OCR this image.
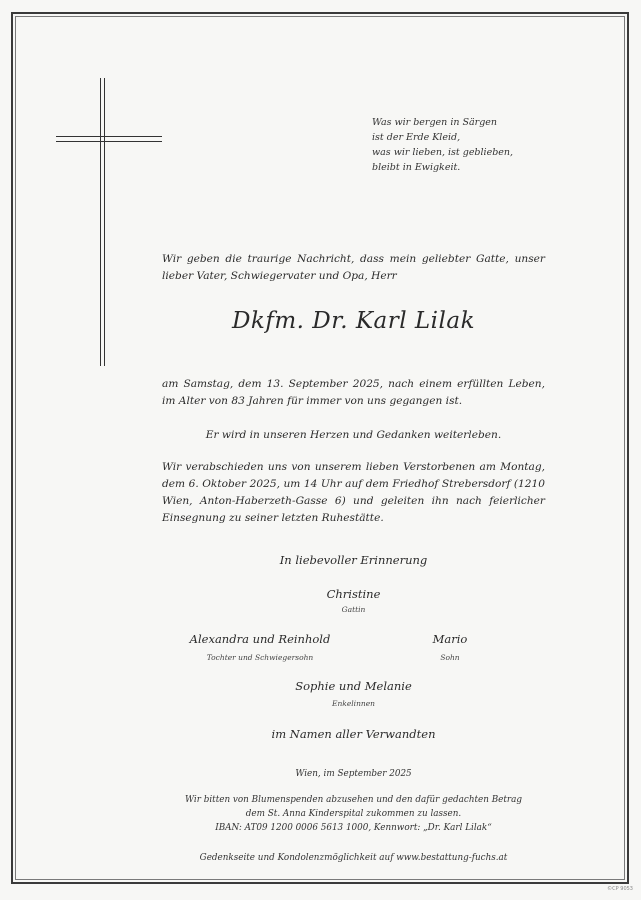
Was wir bergen in Särgen
ist der Erde Kleid,
was wir lieben, ist geblieben,
bleibt in Ewigkeit.
Wir geben die traurige Nachricht, dass mein geliebter Gatte, unser lieber Vater, Schwiegervater und Opa, Herr
Dkfm. Dr. Karl Lilak
am Samstag, dem 13. September 2025, nach einem erfüllten Leben, im Alter von 83 Jahren für immer von uns gegangen ist.
Er wird in unseren Herzen und Gedanken weiterleben.
Wir verabschieden uns von unserem lieben Verstorbenen am Montag, dem 6. Oktober 2025, um 14 Uhr auf dem Friedhof Strebersdorf (1210 Wien, Anton-Haberzeth-Gasse 6) und geleiten ihn nach feierlicher Einsegnung zu seiner letzten Ruhestätte.
In liebevoller Erinnerung
Christine
Gattin
Alexandra und Reinhold
Tochter und Schwiegersohn
Mario
Sohn
Sophie und Melanie
Enkelinnen
im Namen aller Verwandten
Wien, im September 2025
Wir bitten von Blumenspenden abzusehen und den dafür gedachten Betrag
dem St. Anna Kinderspital zukommen zu lassen.
IBAN: AT09 1200 0006 5613 1000, Kennwort: „Dr. Karl Lilak“
Gedenkseite und Kondolenzmöglichkeit auf www.bestattung-fuchs.at
©CP 9053
